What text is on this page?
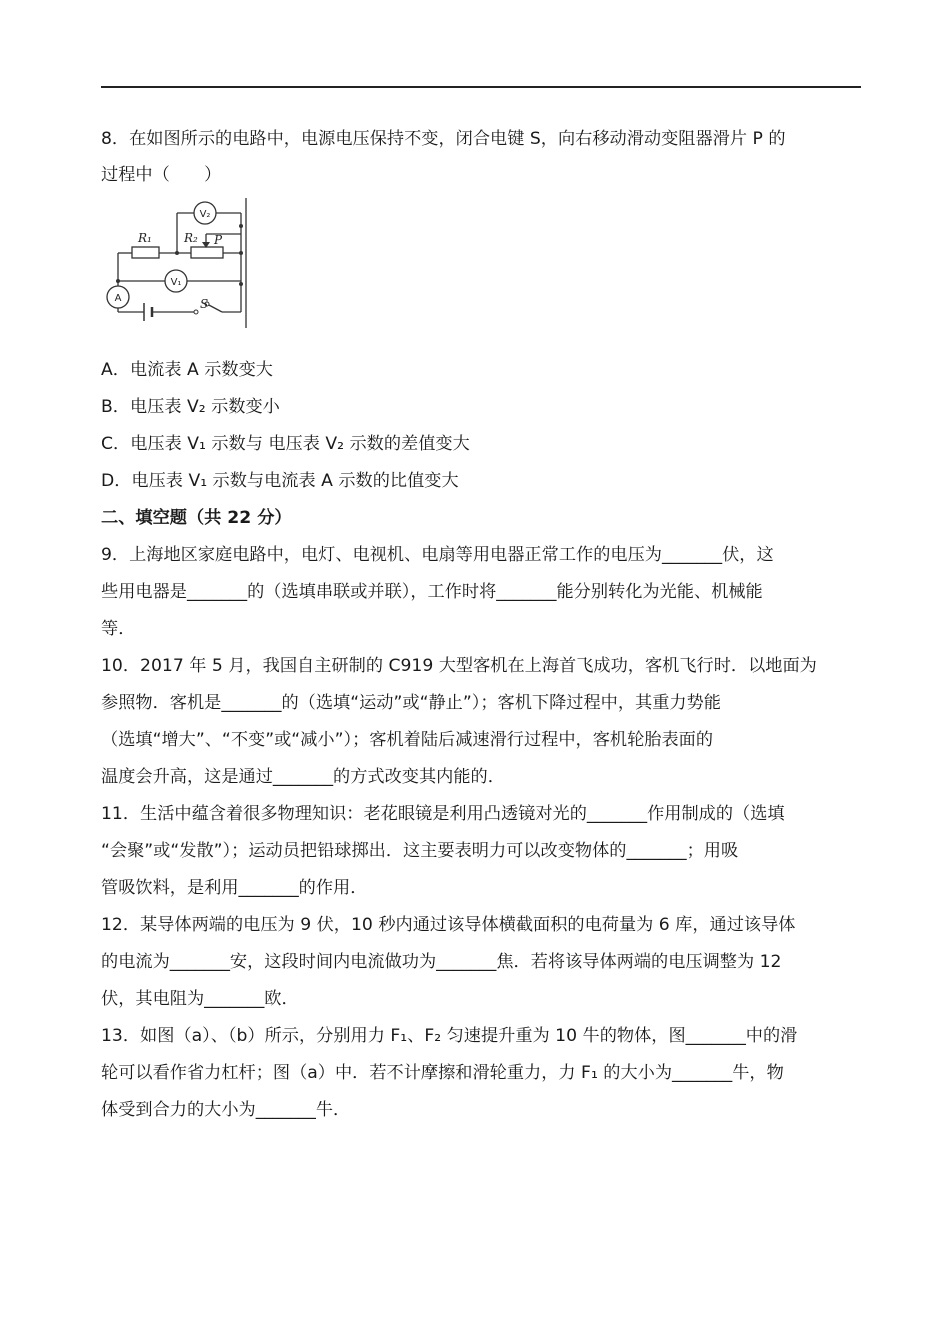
8．在如图所示的电路中，电源电压保持不变，闭合电键 S，向右移动滑动变阻器滑片 P 的
过程中（　　）
R₁	R₂ P
S
V₂
V₁
A
A．电流表 A 示数变大
B．电压表 V₂ 示数变小
C．电压表 V₁ 示数与 电压表 V₂ 示数的差值变大
D．电压表 V₁ 示数与电流表 A 示数的比值变大
二、填空题（共 22 分）
9．上海地区家庭电路中，电灯、电视机、电扇等用电器正常工作的电压为_______伏，这
些用电器是_______的（选填串联或并联），工作时将_______能分别转化为光能、机械能
等．
10．2017 年 5 月，我国自主研制的 C919 大型客机在上海首飞成功，客机飞行时．以地面为
参照物．客机是_______的（选填“运动”或“静止”）；客机下降过程中，其重力势能
（选填“增大”、“不变”或“减小”）；客机着陆后减速滑行过程中，客机轮胎表面的
温度会升高，这是通过_______的方式改变其内能的．
11．生活中蕴含着很多物理知识：老花眼镜是利用凸透镜对光的_______作用制成的（选填
“会聚”或“发散”）；运动员把铅球掷出．这主要表明力可以改变物体的_______；用吸
管吸饮料，是利用_______的作用．
12．某导体两端的电压为 9 伏，10 秒内通过该导体横截面积的电荷量为 6 库，通过该导体
的电流为_______安，这段时间内电流做功为_______焦．若将该导体两端的电压调整为 12
伏，其电阻为_______欧．
13．如图（a）、（b）所示，分别用力 F₁、F₂ 匀速提升重为 10 牛的物体，图_______中的滑
轮可以看作省力杠杆；图（a）中．若不计摩擦和滑轮重力，力 F₁ 的大小为_______牛，物
体受到合力的大小为_______牛．
